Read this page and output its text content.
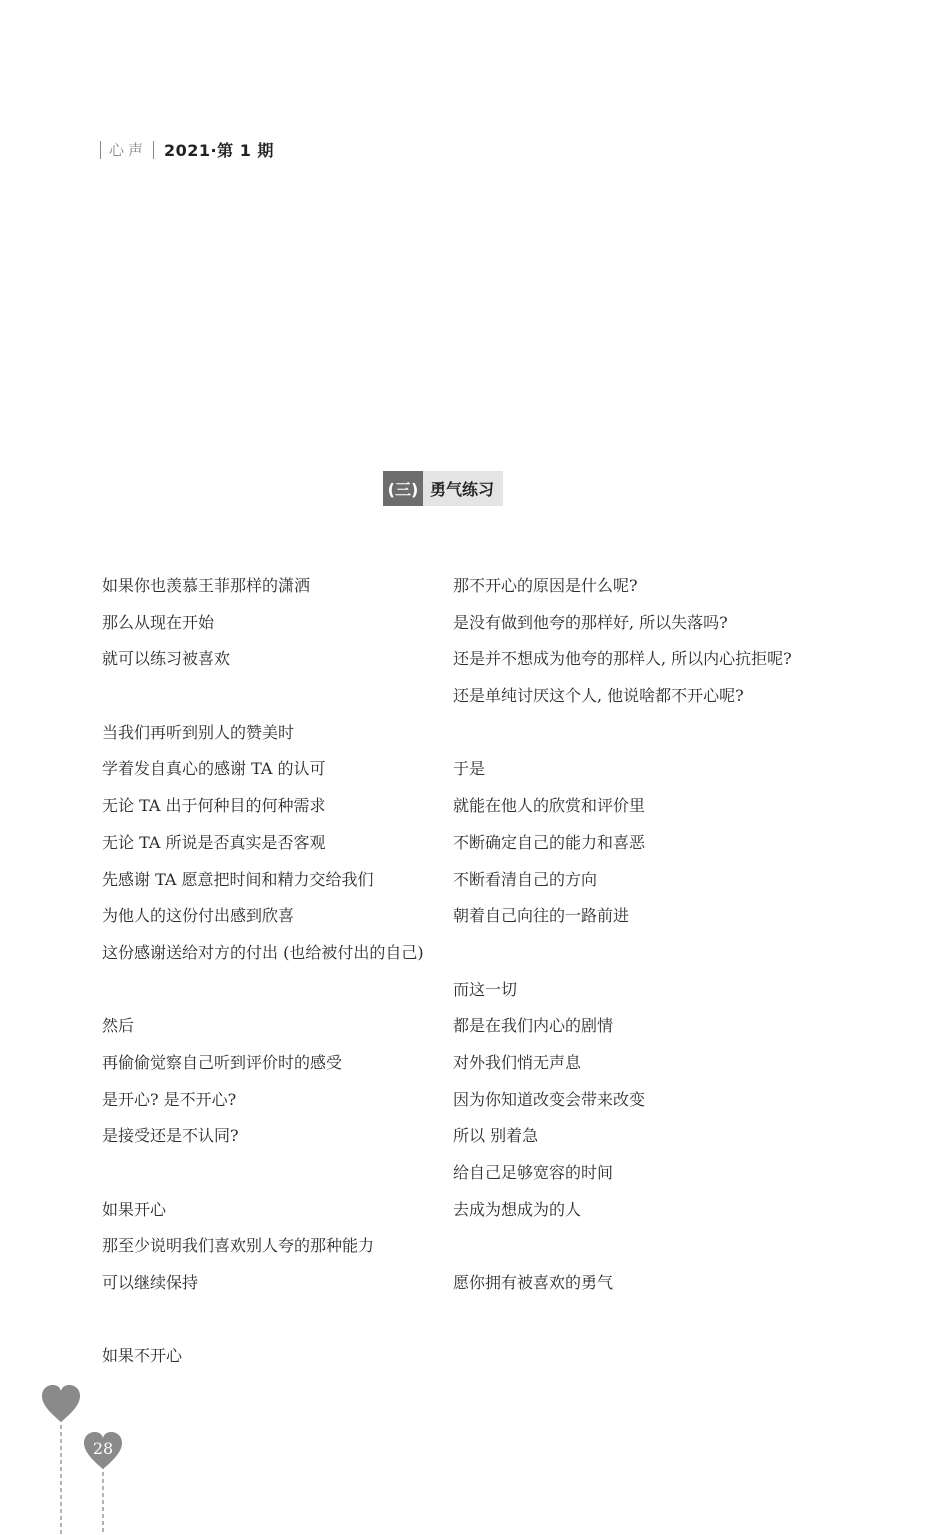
心声 2021·第 1 期
(三) 勇气练习
如果你也羡慕王菲那样的潇洒
那么从现在开始
就可以练习被喜欢
当我们再听到别人的赞美时
学着发自真心的感谢 TA 的认可
无论 TA 出于何种目的何种需求
无论 TA 所说是否真实是否客观
先感谢 TA 愿意把时间和精力交给我们
为他人的这份付出感到欣喜
这份感谢送给对方的付出 (也给被付出的自己)
然后
再偷偷觉察自己听到评价时的感受
是开心? 是不开心?
是接受还是不认同?
如果开心
那至少说明我们喜欢别人夸的那种能力
可以继续保持
如果不开心
那不开心的原因是什么呢?
是没有做到他夸的那样好, 所以失落吗?
还是并不想成为他夸的那样人, 所以内心抗拒呢?
还是单纯讨厌这个人, 他说啥都不开心呢?
于是
就能在他人的欣赏和评价里
不断确定自己的能力和喜恶
不断看清自己的方向
朝着自己向往的一路前进
而这一切
都是在我们内心的剧情
对外我们悄无声息
因为你知道改变会带来改变
所以 别着急
给自己足够宽容的时间
去成为想成为的人
愿你拥有被喜欢的勇气
28
